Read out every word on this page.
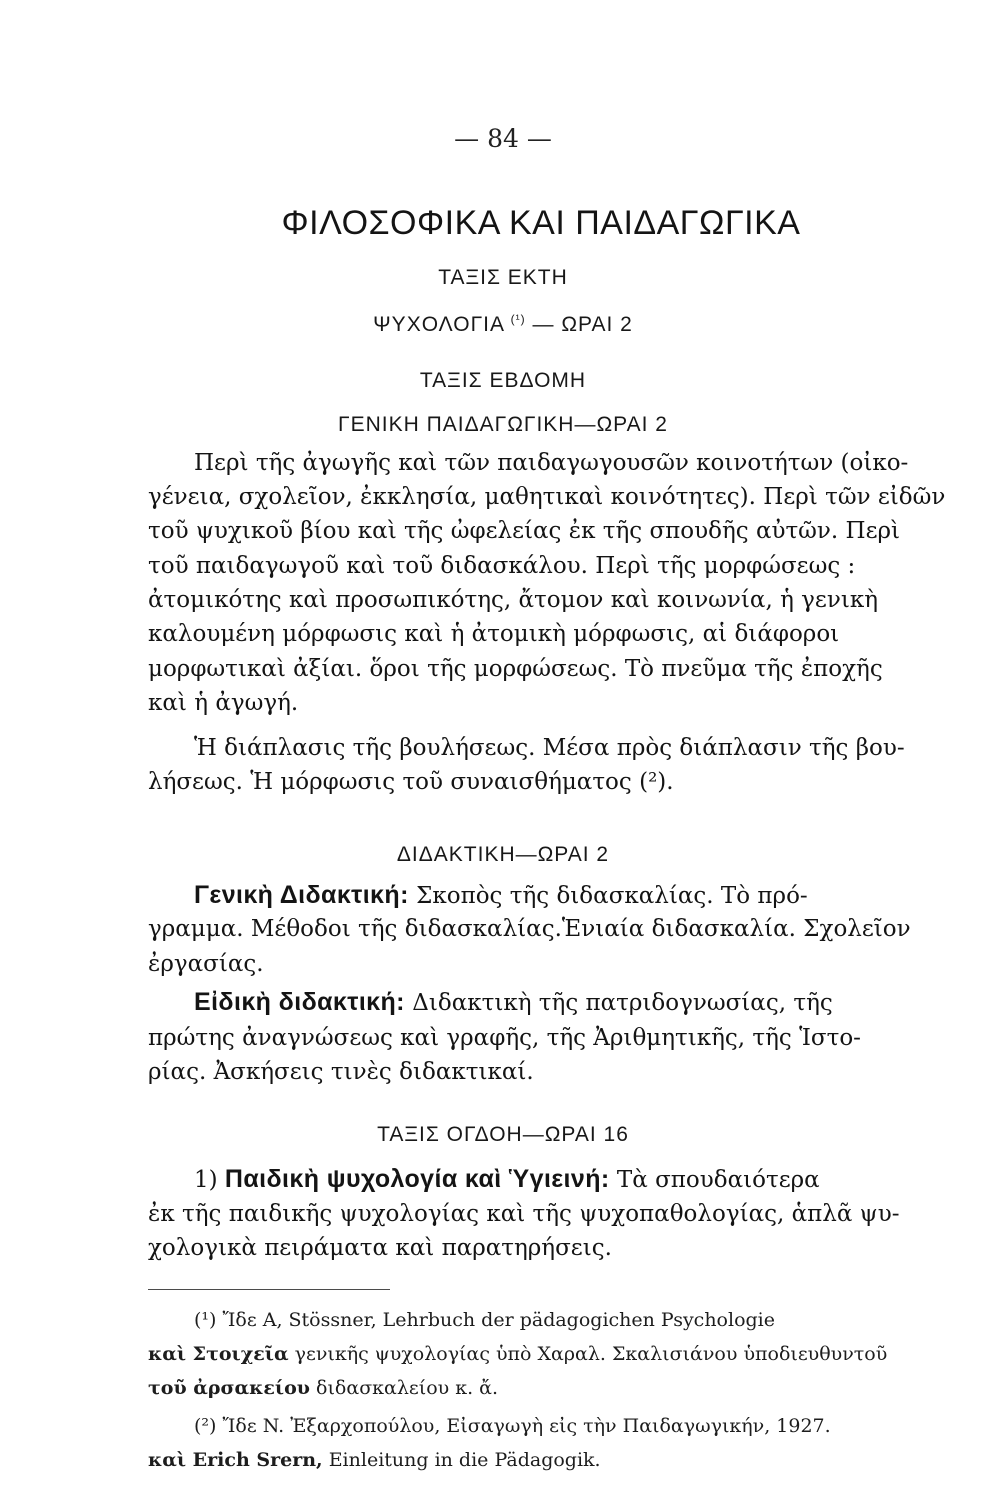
— 84 —
ΦΙΛΟΣΟΦΙΚΑ ΚΑΙ ΠΑΙΔΑΓΩΓΙΚΑ
ΤΑΞΙΣ ΕΚΤΗ
ΨΥΧΟΛΟΓΙΑ $^{(^1)}$ — ΩΡΑΙ 2
ΤΑΞΙΣ ΕΒΔΟΜΗ
ΓΕΝΙΚΗ ΠΑΙΔΑΓΩΓΙΚΗ—ΩΡΑΙ 2
Περὶ τῆς ἀγωγῆς καὶ τῶν παιδαγωγουσῶν κοινοτήτων (οἰκο-
γένεια, σχολεῖον, ἐκκλησία, μαθητικαὶ κοινότητες). Περὶ τῶν εἰδῶν
τοῦ ψυχικοῦ βίου καὶ τῆς ὠφελείας ἐκ τῆς σπουδῆς αὐτῶν. Περὶ
τοῦ παιδαγωγοῦ καὶ τοῦ διδασκάλου. Περὶ τῆς μορφώσεως :
ἀτομικότης καὶ προσωπικότης, ἄτομον καὶ κοινωνία, ἡ γενικὴ
καλουμένη μόρφωσις καὶ ἡ ἀτομικὴ μόρφωσις, αἱ διάφοροι
μορφωτικαὶ ἀξίαι. ὅροι τῆς μορφώσεως. Τὸ πνεῦμα τῆς ἐποχῆς
καὶ ἡ ἀγωγή.
Ἡ διάπλασις τῆς βουλήσεως. Μέσα πρὸς διάπλασιν τῆς βου-
λήσεως. Ἡ μόρφωσις τοῦ συναισθήματος (²).
ΔΙΔΑΚΤΙΚΗ—ΩΡΑΙ 2
Γενικὴ Διδακτική: Σκοπὸς τῆς διδασκαλίας. Τὸ πρό-
γραμμα. Μέθοδοι τῆς διδασκαλίας.Ἑνιαία διδασκαλία. Σχολεῖον
ἐργασίας.
Εἰδικὴ διδακτική: Διδακτικὴ τῆς πατριδογνωσίας, τῆς
πρώτης ἀναγνώσεως καὶ γραφῆς, τῆς Ἀριθμητικῆς, τῆς Ἱστο-
ρίας. Ἀσκήσεις τινὲς διδακτικαί.
ΤΑΞΙΣ ΟΓΔΟΗ—ΩΡΑΙ 16
1) Παιδικὴ ψυχολογία καὶ Ὑγιεινή: Τὰ σπουδαιότερα
ἐκ τῆς παιδικῆς ψυχολογίας καὶ τῆς ψυχοπαθολογίας, ἁπλᾶ ψυ-
χολογικὰ πειράματα καὶ παρατηρήσεις.
(¹) Ἴδε A, Stössner, Lehrbuch der pädagogichen Psychologie
καὶ Στοιχεῖα γενικῆς ψυχολογίας ὑπὸ Χαραλ. Σκαλισιάνου ὑποδιευθυντοῦ
τοῦ ἀρσακείου διδασκαλείου κ. ἄ.
(²) Ἴδε N. Ἐξαρχοπούλου, Εἰσαγωγὴ εἰς τὴν Παιδαγωγικήν, 1927.
καὶ Erich Srern, Einleitung in die Pädagogik.
